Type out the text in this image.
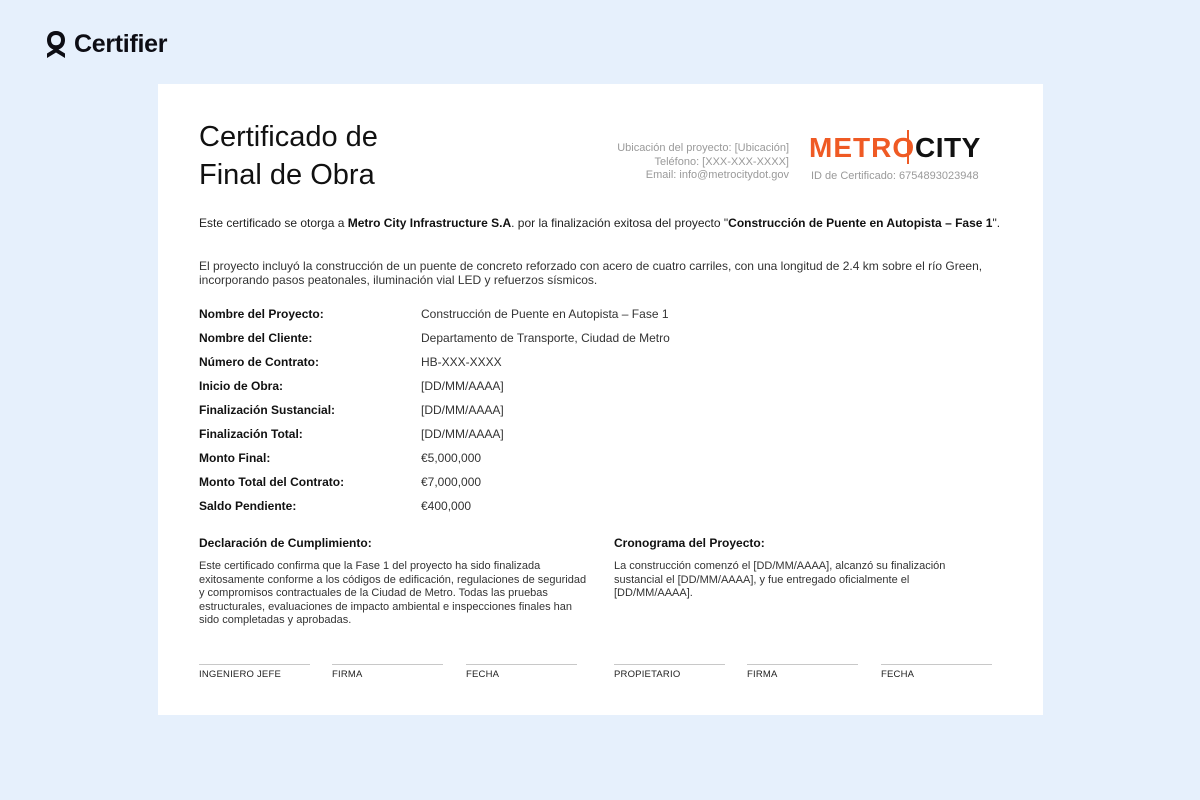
Certifier
Certificado de
Final de Obra
Ubicación del proyecto: [Ubicación]
Teléfono: [XXX-XXX-XXXX]
Email: info@metrocitydot.gov
METRO CITY
ID de Certificado: 6754893023948

Este certificado se otorga a Metro City Infrastructure S.A. por la finalización exitosa del proyecto "Construcción de Puente en Autopista – Fase 1".

El proyecto incluyó la construcción de un puente de concreto reforzado con acero de cuatro carriles, con una longitud de 2.4 km sobre el río Green, incorporando pasos peatonales, iluminación vial LED y refuerzos sísmicos.

Nombre del Proyecto:	Construcción de Puente en Autopista – Fase 1
Nombre del Cliente:	Departamento de Transporte, Ciudad de Metro
Número de Contrato:	HB-XXX-XXXX
Inicio de Obra:	[DD/MM/AAAA]
Finalización Sustancial:	[DD/MM/AAAA]
Finalización Total:	[DD/MM/AAAA]
Monto Final:	€5,000,000
Monto Total del Contrato:	€7,000,000
Saldo Pendiente:	€400,000
Declaración de Cumplimiento:

Este certificado confirma que la Fase 1 del proyecto ha sido finalizada exitosamente conforme a los códigos de edificación, regulaciones de seguridad y compromisos contractuales de la Ciudad de Metro. Todas las pruebas estructurales, evaluaciones de impacto ambiental e inspecciones finales han sido completadas y aprobadas.

Cronograma del Proyecto:

La construcción comenzó el [DD/MM/AAAA], alcanzó su finalización sustancial el [DD/MM/AAAA], y fue entregado oficialmente el [DD/MM/AAAA].

INGENIERO JEFE	FIRMA	FECHA	PROPIETARIO	FIRMA	FECHA
